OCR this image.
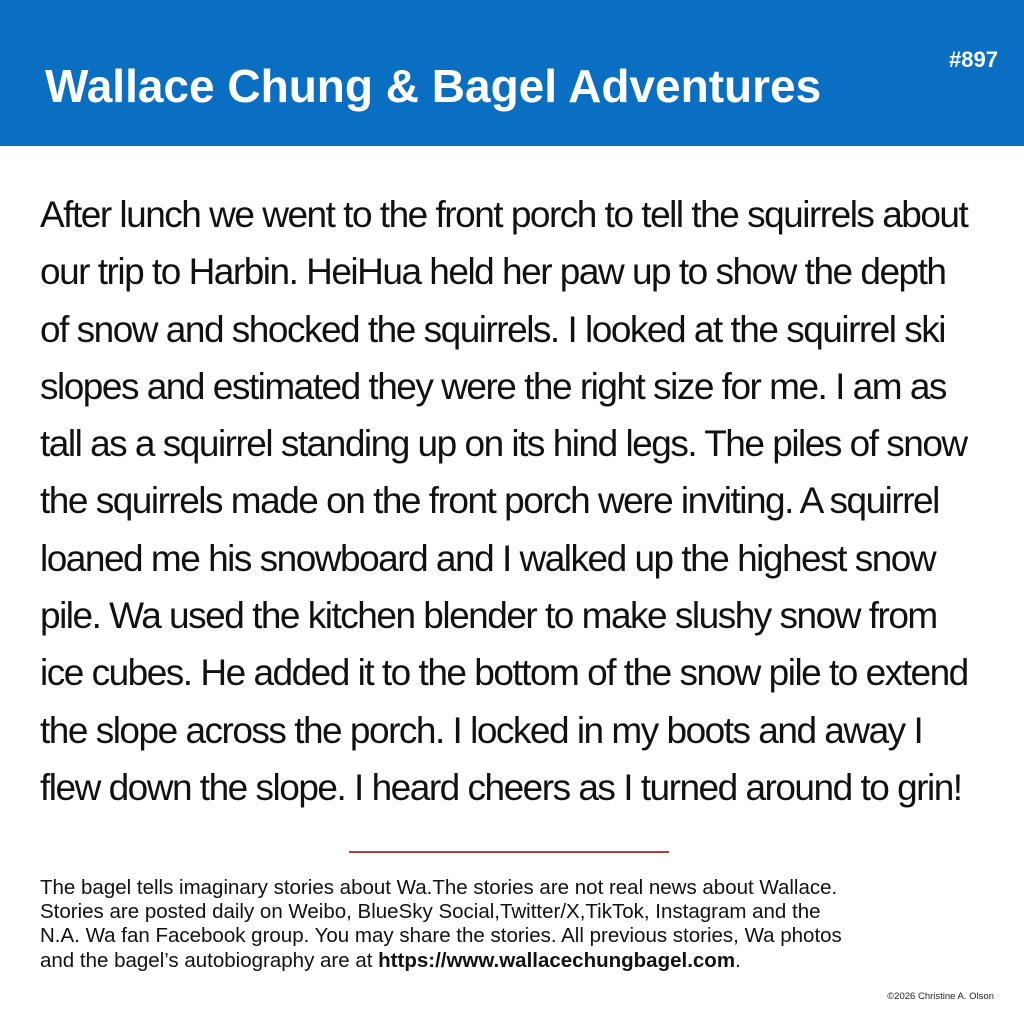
Wallace Chung & Bagel Adventures
#897
After lunch we went to the front porch to tell the squirrels about
our trip to Harbin. HeiHua held her paw up to show the depth
of snow and shocked the squirrels. I looked at the squirrel ski
slopes and estimated they were the right size for me. I am as
tall as a squirrel standing up on its hind legs. The piles of snow
the squirrels made on the front porch were inviting. A squirrel
loaned me his snowboard and I walked up the highest snow
pile. Wa used the kitchen blender to make slushy snow from
ice cubes. He added it to the bottom of the snow pile to extend
the slope across the porch. I locked in my boots and away I
flew down the slope. I heard cheers as I turned around to grin!
The bagel tells imaginary stories about Wa.The stories are not real news about Wallace.
Stories are posted daily on Weibo, BlueSky Social,Twitter/X,TikTok, Instagram and the
N.A. Wa fan Facebook group. You may share the stories. All previous stories, Wa photos
and the bagel’s autobiography are at https://www.wallacechungbagel.com.
©2026 Christine A. Olson
